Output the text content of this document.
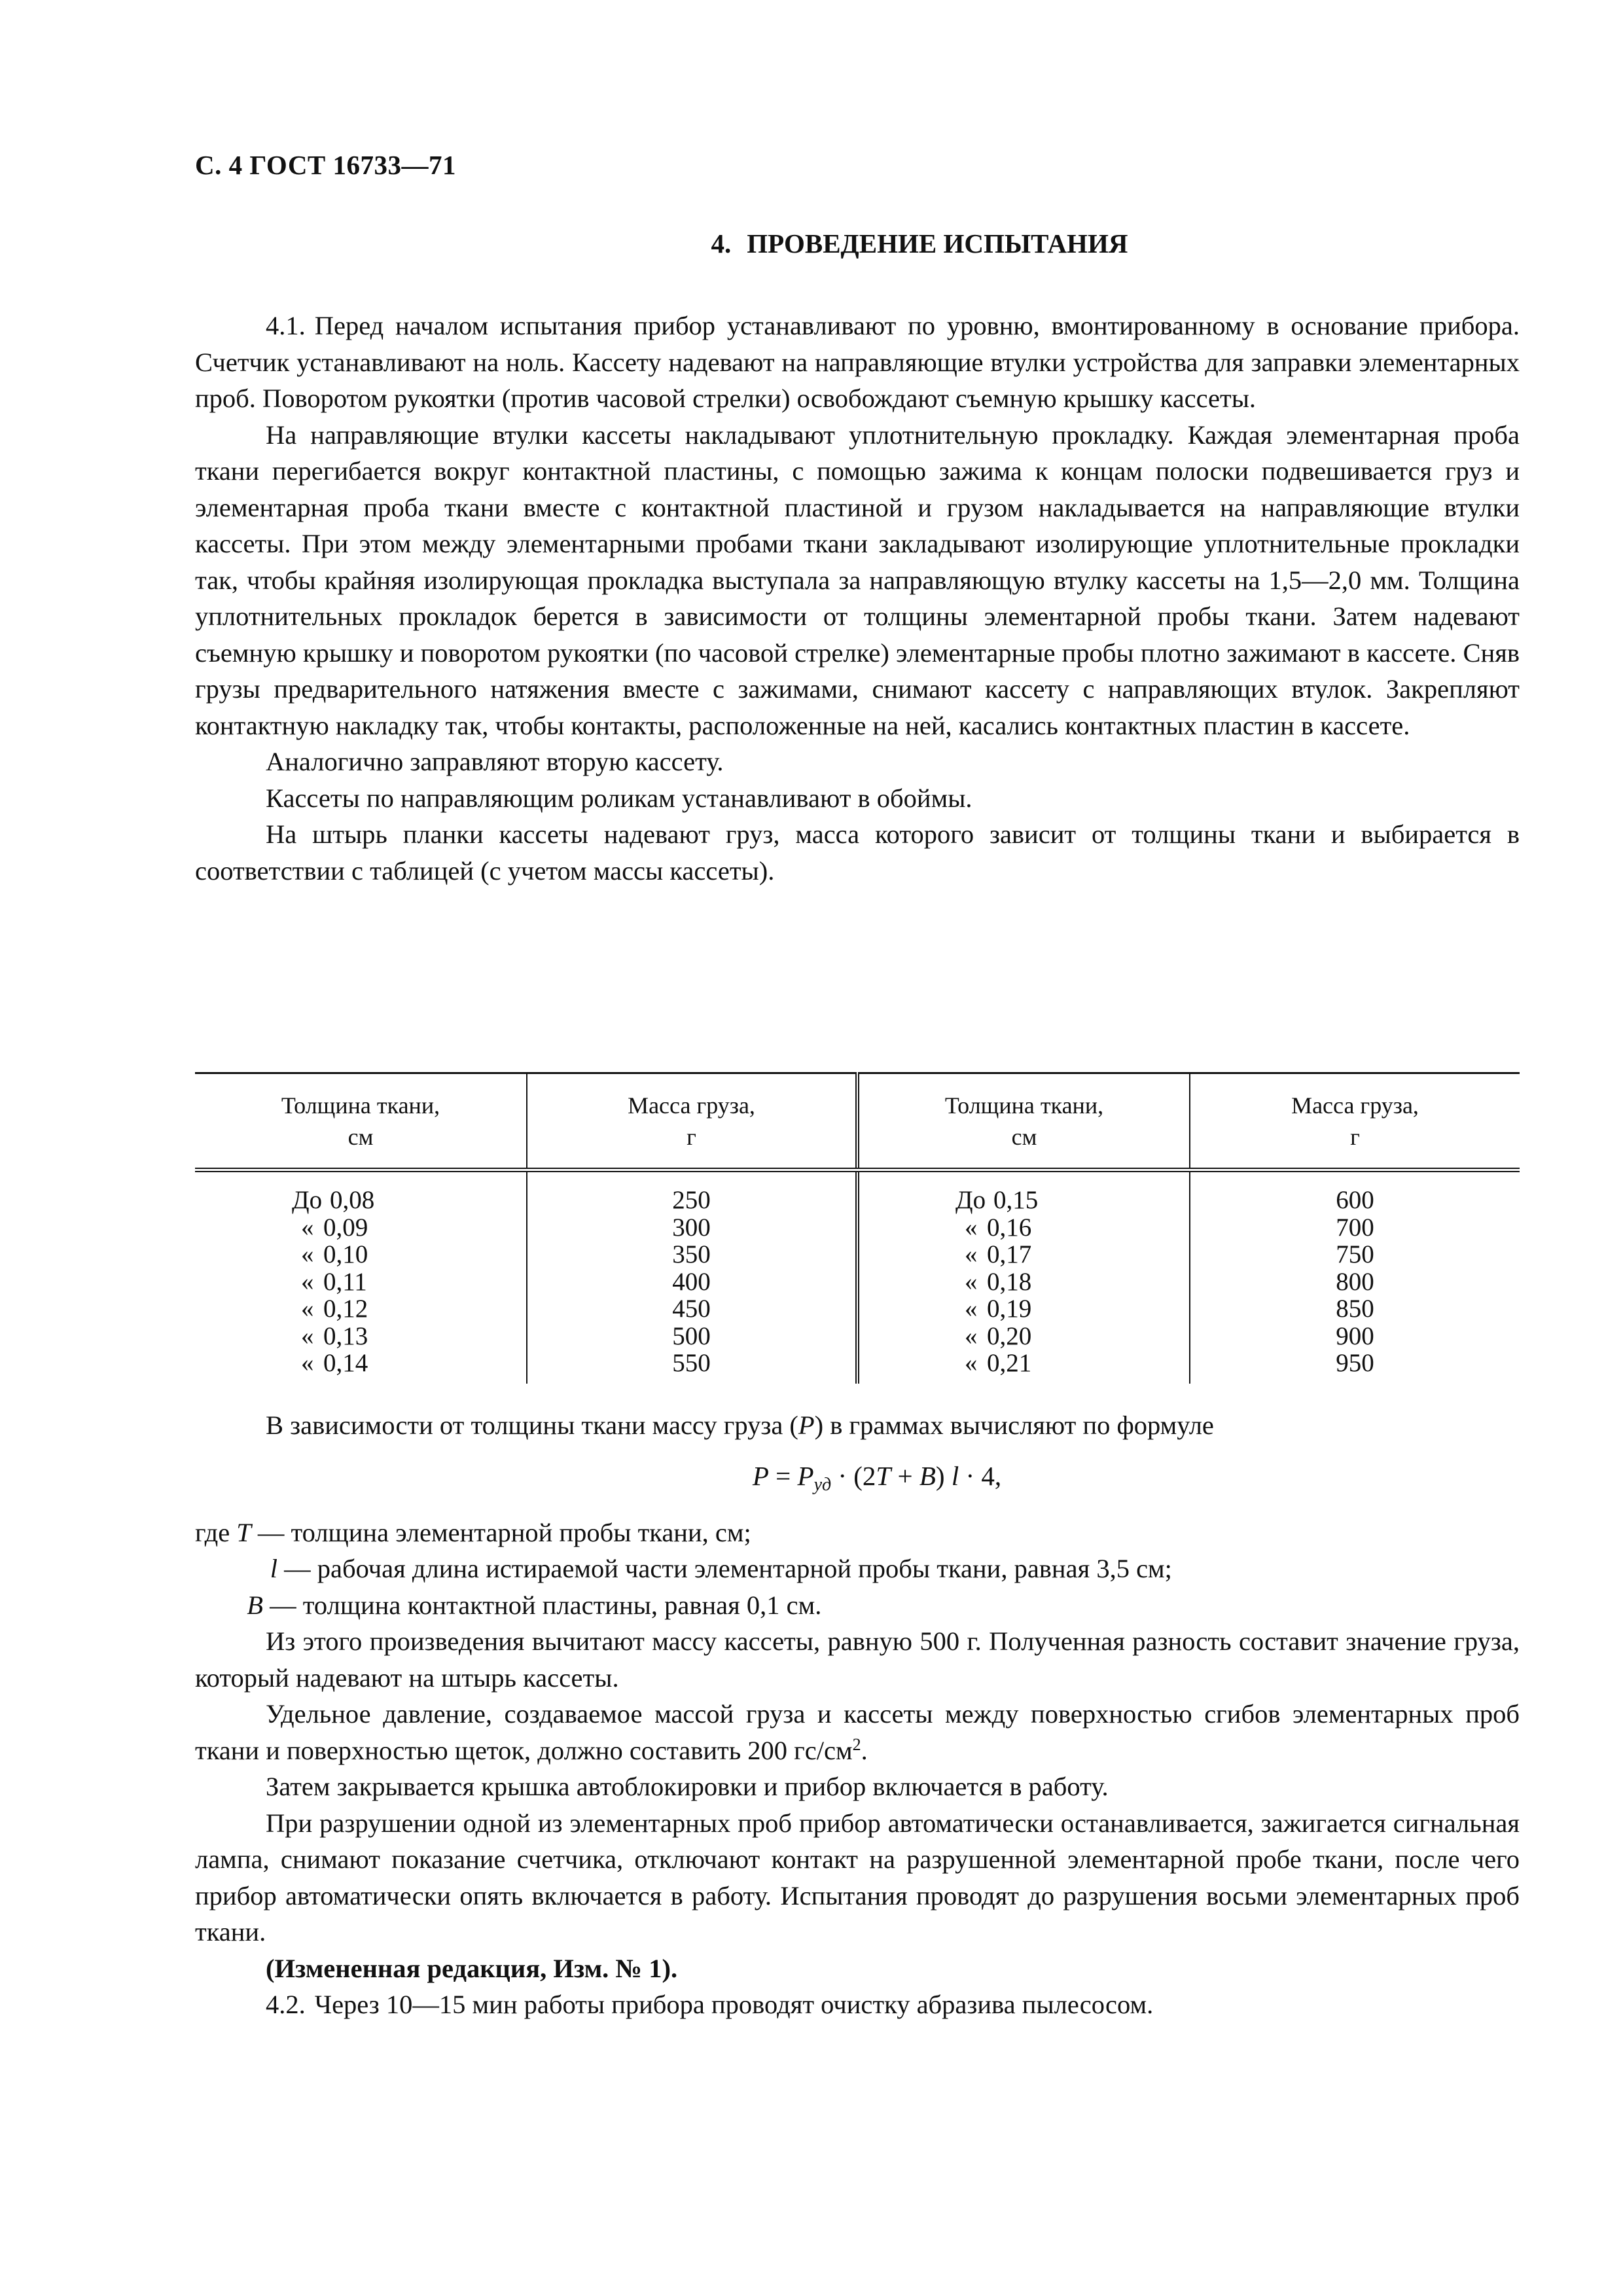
С. 4 ГОСТ 16733—71
4. ПРОВЕДЕНИЕ ИСПЫТАНИЯ

4.1. Перед началом испытания прибор устанавливают по уровню, вмонтированному в основание прибора. Счетчик устанавливают на ноль. Кассету надевают на направляющие втулки устройства для заправки элементарных проб. Поворотом рукоятки (против часовой стрелки) освобождают съемную крышку кассеты.

На направляющие втулки кассеты накладывают уплотнительную прокладку. Каждая элементарная проба ткани перегибается вокруг контактной пластины, с помощью зажима к концам полоски подвешивается груз и элементарная проба ткани вместе с контактной пластиной и грузом накладывается на направляющие втулки кассеты. При этом между элементарными пробами ткани закладывают изолирующие уплотнительные прокладки так, чтобы крайняя изолирующая прокладка выступала за направляющую втулку кассеты на 1,5—2,0 мм. Толщина уплотнительных прокладок берется в зависимости от толщины элементарной пробы ткани. Затем надевают съемную крышку и поворотом рукоятки (по часовой стрелке) элементарные пробы плотно зажимают в кассете. Сняв грузы предварительного натяжения вместе с зажимами, снимают кассету с направляющих втулок. Закрепляют контактную накладку так, чтобы контакты, расположенные на ней, касались контактных пластин в кассете.

Аналогично заправляют вторую кассету.

Кассеты по направляющим роликам устанавливают в обоймы.

На штырь планки кассеты надевают груз, масса которого зависит от толщины ткани и выбирается в соответствии с таблицей (с учетом массы кассеты).

Толщина ткани,
см	Масса груза,
г	Толщина ткани,
см	Масса груза,
г
До 0,08	250	До 0,15	600
« 0,09	300	« 0,16	700
« 0,10	350	« 0,17	750
« 0,11	400	« 0,18	800
« 0,12	450	« 0,19	850
« 0,13	500	« 0,20	900
« 0,14	550	« 0,21	950

В зависимости от толщины ткани массу груза (P) в граммах вычисляют по формуле

$P = P_{уд} \cdot (2T + B) l \cdot 4$,
где T — толщина элементарной пробы ткани, см;
l — рабочая длина истираемой части элементарной пробы ткани, равная 3,5 см;
B — толщина контактной пластины, равная 0,1 см.

Из этого произведения вычитают массу кассеты, равную 500 г. Полученная разность составит значение груза, который надевают на штырь кассеты.

Удельное давление, создаваемое массой груза и кассеты между поверхностью сгибов элементарных проб ткани и поверхностью щеток, должно составить 200 $гс/см^2$.

Затем закрывается крышка автоблокировки и прибор включается в работу.

При разрушении одной из элементарных проб прибор автоматически останавливается, зажигается сигнальная лампа, снимают показание счетчика, отключают контакт на разрушенной элементарной пробе ткани, после чего прибор автоматически опять включается в работу. Испытания проводят до разрушения восьми элементарных проб ткани.

(Измененная редакция, Изм. № 1).

4.2. Через 10—15 мин работы прибора проводят очистку абразива пылесосом.
